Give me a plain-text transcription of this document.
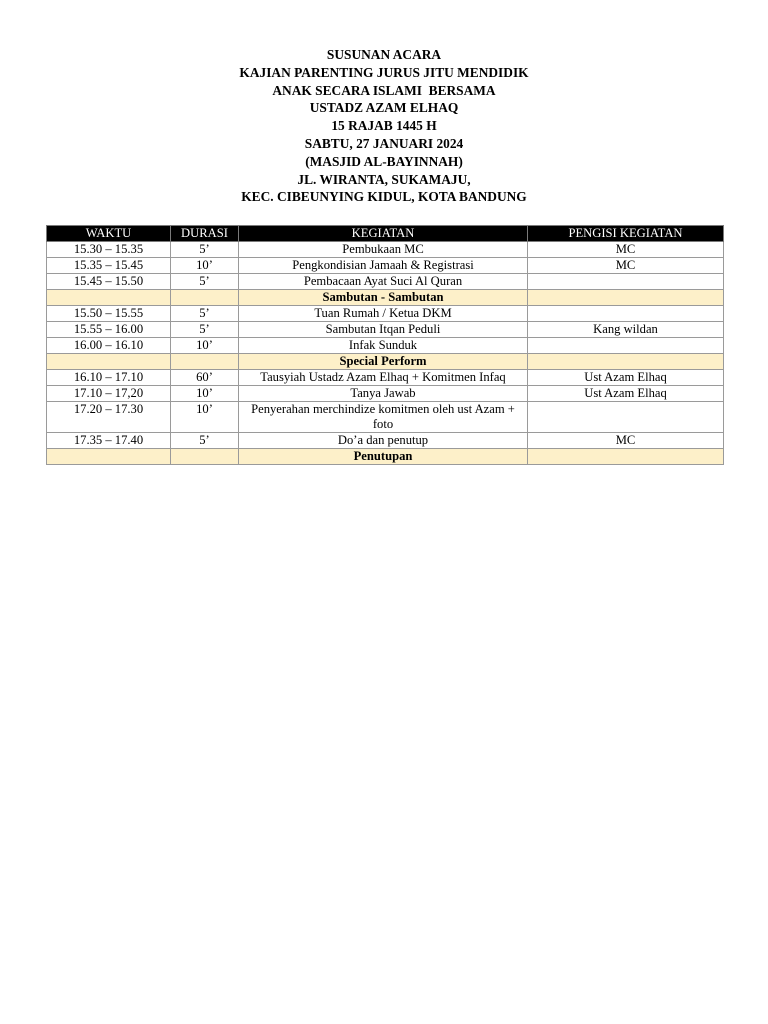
SUSUNAN ACARA
KAJIAN PARENTING JURUS JITU MENDIDIK
ANAK SECARA ISLAMI  BERSAMA
USTADZ AZAM ELHAQ
15 RAJAB 1445 H
SABTU, 27 JANUARI 2024
(MASJID AL-BAYINNAH)
JL. WIRANTA, SUKAMAJU,
KEC. CIBEUNYING KIDUL, KOTA BANDUNG
WAKTU	DURASI	KEGIATAN	PENGISI KEGIATAN
15.30 – 15.35	5’	Pembukaan MC	MC
15.35 – 15.45	10’	Pengkondisian Jamaah & Registrasi	MC
15.45 – 15.50	5’	Pembacaan Ayat Suci Al Quran	
		Sambutan - Sambutan	
15.50 – 15.55	5’	Tuan Rumah / Ketua DKM	
15.55 – 16.00	5’	Sambutan Itqan Peduli	Kang wildan
16.00 – 16.10	10’	Infak Sunduk	
		Special Perform	
16.10 – 17.10	60’	Tausyiah Ustadz Azam Elhaq + Komitmen Infaq	Ust Azam Elhaq
17.10 – 17,20	10’	Tanya Jawab	Ust Azam Elhaq
17.20 – 17.30	10’	Penyerahan merchindize komitmen oleh ust Azam + foto	
17.35 – 17.40	5’	Do’a dan penutup	MC
		Penutupan	
